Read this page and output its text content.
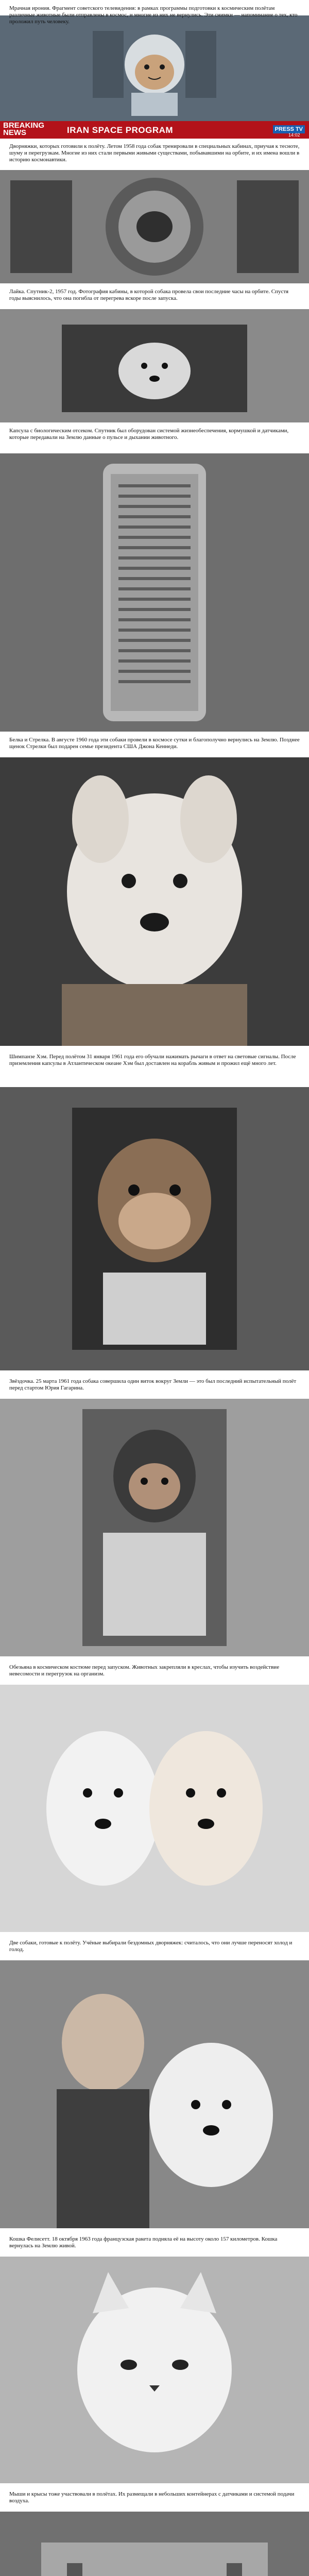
BREAKING NEWS	IRAN SPACE PROGRAM	PRESS TV
14:02

Мрачная ирония. Фрагмент советского телевидения: в рамках программы подготовки к космическим полётам различные животные были отправлены в космос, и многие из них не вернулись. Эти снимки — напоминание о тех, кто проложил путь человеку.

Дворняжки, которых готовили к полёту. Летом 1958 года собак тренировали в специальных кабинах, приучая к тесноте, шуму и перегрузкам. Многие из них стали первыми живыми существами, побывавшими на орбите, и их имена вошли в историю космонавтики.

Лайка. Спутник-2, 1957 год. Фотография кабины, в которой собака провела свои последние часы на орбите. Спустя годы выяснилось, что она погибла от перегрева вскоре после запуска.

Капсула с биологическим отсеком. Спутник был оборудован системой жизнеобеспечения, кормушкой и датчиками, которые передавали на Землю данные о пульсе и дыхании животного.

Белка и Стрелка. В августе 1960 года эти собаки провели в космосе сутки и благополучно вернулись на Землю. Позднее щенок Стрелки был подарен семье президента США Джона Кеннеди.

Шимпанзе Хэм. Перед полётом 31 января 1961 года его обучали нажимать рычаги в ответ на световые сигналы. После приземления капсулы в Атлантическом океане Хэм был доставлен на корабль живым и прожил ещё много лет.

Звёздочка. 25 марта 1961 года собака совершила один виток вокруг Земли — это был последний испытательный полёт перед стартом Юрия Гагарина.

Обезьяна в космическом костюме перед запуском. Животных закрепляли в креслах, чтобы изучить воздействие невесомости и перегрузок на организм.

Две собаки, готовые к полёту. Учёные выбирали бездомных дворняжек: считалось, что они лучше переносят холод и голод.

Кошка Фелисетт. 18 октября 1963 года французская ракета подняла её на высоту около 157 километров. Кошка вернулась на Землю живой.

Мыши и крысы тоже участвовали в полётах. Их размещали в небольших контейнерах с датчиками и системой подачи воздуха.
